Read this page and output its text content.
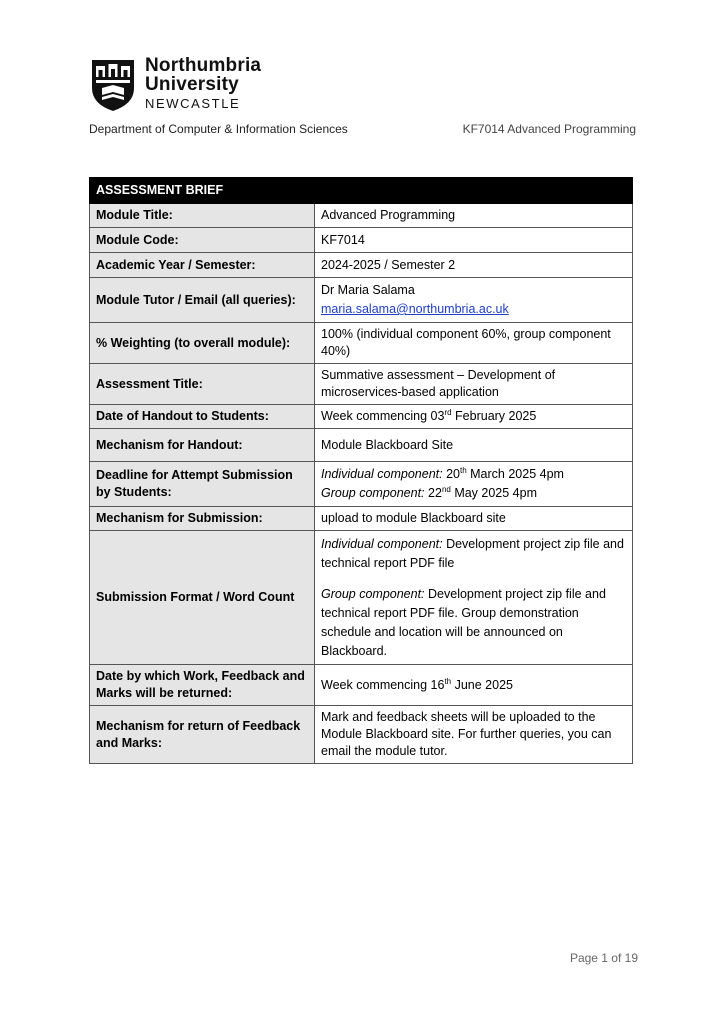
Northumbria
University
NEWCASTLE
Department of Computer & Information Sciences	KF7014 Advanced Programming
ASSESSMENT BRIEF	
Module Title:	Advanced Programming
Module Code:	KF7014
Academic Year / Semester:	2024-2025 / Semester 2
Module Tutor / Email (all queries):	Dr Maria Salama
maria.salama@northumbria.ac.uk

% Weighting (to overall module):	100% (individual component 60%, group component 40%)
Assessment Title:	Summative assessment – Development of microservices-based application
Date of Handout to Students:	Week commencing 03rd February 2025
Mechanism for Handout:	Module Blackboard Site
Deadline for Attempt Submission by Students:	Individual component: 20th March 2025 4pm
Group component: 22nd May 2025 4pm

Mechanism for Submission:	upload to module Blackboard site
Submission Format / Word Count	Individual component: Development project zip file and technical report PDF file
Group component: Development project zip file and technical report PDF file. Group demonstration schedule and location will be announced on Blackboard.

Date by which Work, Feedback and Marks will be returned:	Week commencing 16th June 2025
Mechanism for return of Feedback and Marks:	Mark and feedback sheets will be uploaded to the Module Blackboard site. For further queries, you can email the module tutor.
Page 1 of 19
